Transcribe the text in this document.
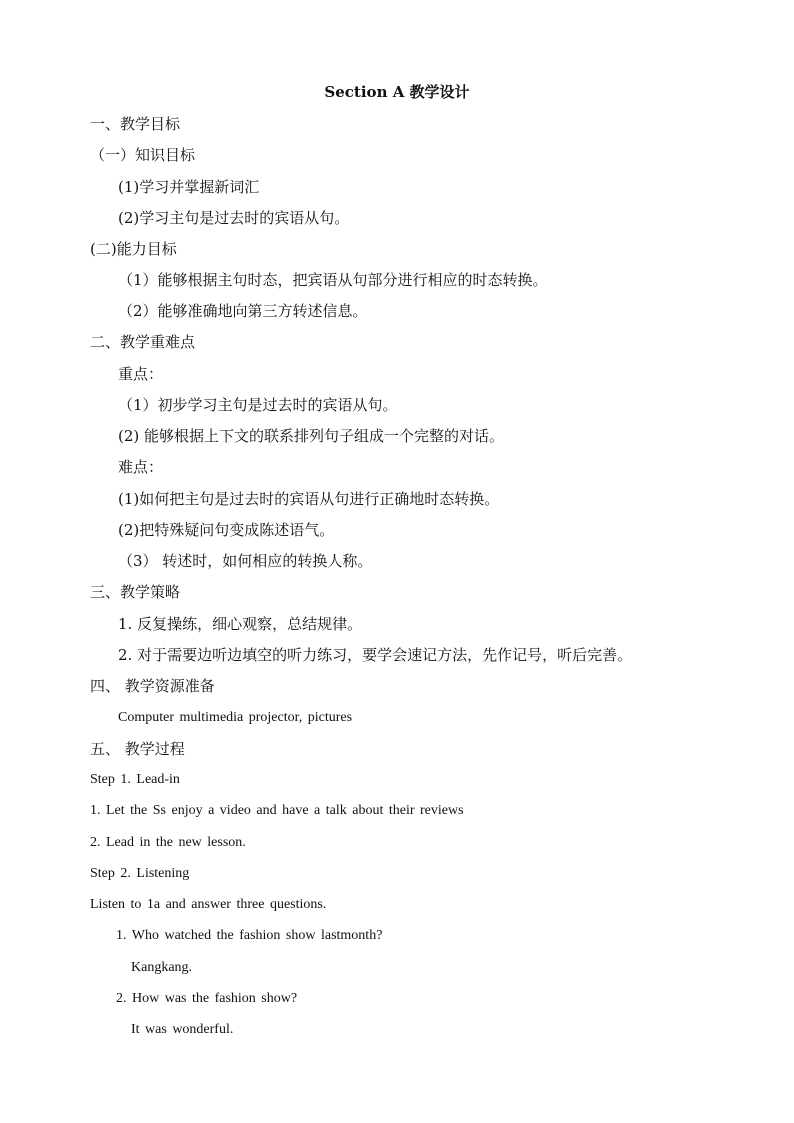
Section A 教学设计
一、教学目标
（一）知识目标
(1)学习并掌握新词汇
(2)学习主句是过去时的宾语从句。
(二)能力目标
（1）能够根据主句时态，把宾语从句部分进行相应的时态转换。
（2）能够准确地向第三方转述信息。
二、教学重难点
重点：
（1）初步学习主句是过去时的宾语从句。
(2) 能够根据上下文的联系排列句子组成一个完整的对话。
难点：
(1)如何把主句是过去时的宾语从句进行正确地时态转换。
(2)把特殊疑问句变成陈述语气。
（3） 转述时，如何相应的转换人称。
三、教学策略
1. 反复操练，细心观察，总结规律。
2. 对于需要边听边填空的听力练习，要学会速记方法，先作记号，听后完善。
四、 教学资源准备
Computer multimedia projector, pictures
五、 教学过程
Step 1. Lead-in
1. Let the Ss enjoy a video and have a talk about their reviews
2. Lead in the new lesson.
Step 2. Listening
Listen to 1a and answer three questions.
1. Who watched the fashion show lastmonth?
Kangkang.
2. How was the fashion show?
It was wonderful.
